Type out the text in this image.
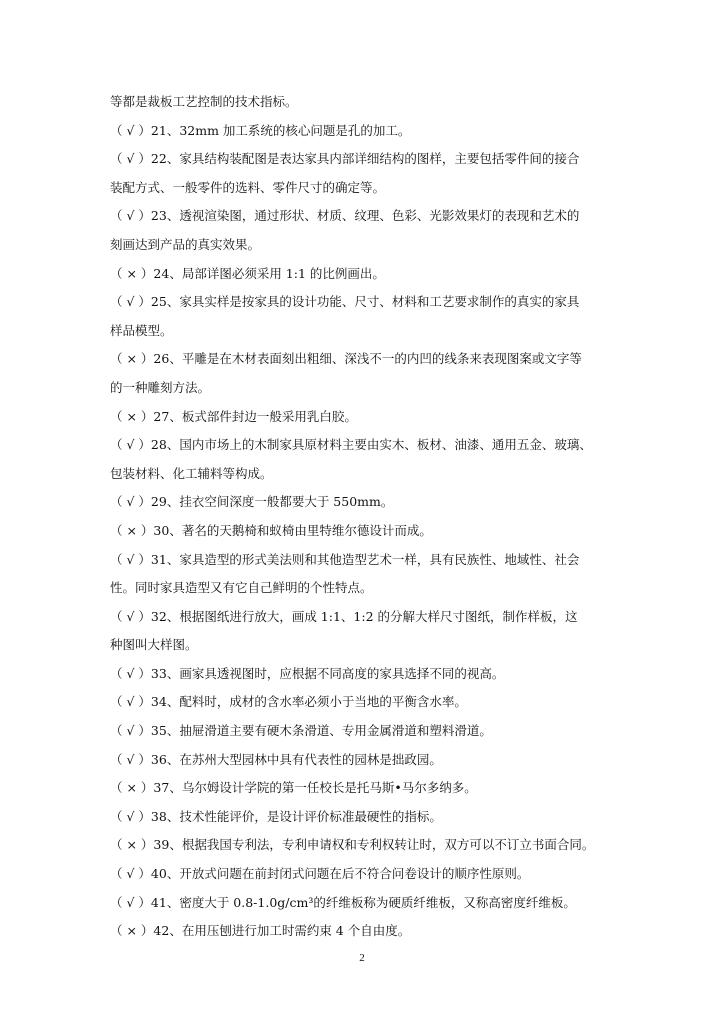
等都是裁板工艺控制的技术指标。
（ √ ）21、32mm 加工系统的核心问题是孔的加工。
（ √ ）22、家具结构装配图是表达家具内部详细结构的图样，主要包括零件间的接合
装配方式、一般零件的选料、零件尺寸的确定等。
（ √ ）23、透视渲染图，通过形状、材质、纹理、色彩、光影效果灯的表现和艺术的
刻画达到产品的真实效果。
（ × ）24、局部详图必须采用 1:1 的比例画出。
（ √ ）25、家具实样是按家具的设计功能、尺寸、材料和工艺要求制作的真实的家具
样品模型。
（ × ）26、平雕是在木材表面刻出粗细、深浅不一的内凹的线条来表现图案或文字等
的一种雕刻方法。
（ × ）27、板式部件封边一般采用乳白胶。
（ √ ）28、国内市场上的木制家具原材料主要由实木、板材、油漆、通用五金、玻璃、
包装材料、化工辅料等构成。
（ √ ）29、挂衣空间深度一般都要大于 550mm。
（ × ）30、著名的天鹅椅和蚁椅由里特维尔德设计而成。
（ √ ）31、家具造型的形式美法则和其他造型艺术一样，具有民族性、地域性、社会
性。同时家具造型又有它自己鲜明的个性特点。
（ √ ）32、根据图纸进行放大，画成 1:1、1:2 的分解大样尺寸图纸，制作样板，这
种图叫大样图。
（ √ ）33、画家具透视图时，应根据不同高度的家具选择不同的视高。
（ √ ）34、配料时，成材的含水率必须小于当地的平衡含水率。
（ √ ）35、抽屉滑道主要有硬木条滑道、专用金属滑道和塑料滑道。
（ √ ）36、在苏州大型园林中具有代表性的园林是拙政园。
（ × ）37、乌尔姆设计学院的第一任校长是托马斯•马尔多纳多。
（ √ ）38、技术性能评价，是设计评价标准最硬性的指标。
（ × ）39、根据我国专利法，专利申请权和专利权转让时，双方可以不订立书面合同。
（ √ ）40、开放式问题在前封闭式问题在后不符合问卷设计的顺序性原则。
（ √ ）41、密度大于 0.8-1.0g/cm³的纤维板称为硬质纤维板，又称高密度纤维板。
（ × ）42、在用压刨进行加工时需约束 4 个自由度。
2
